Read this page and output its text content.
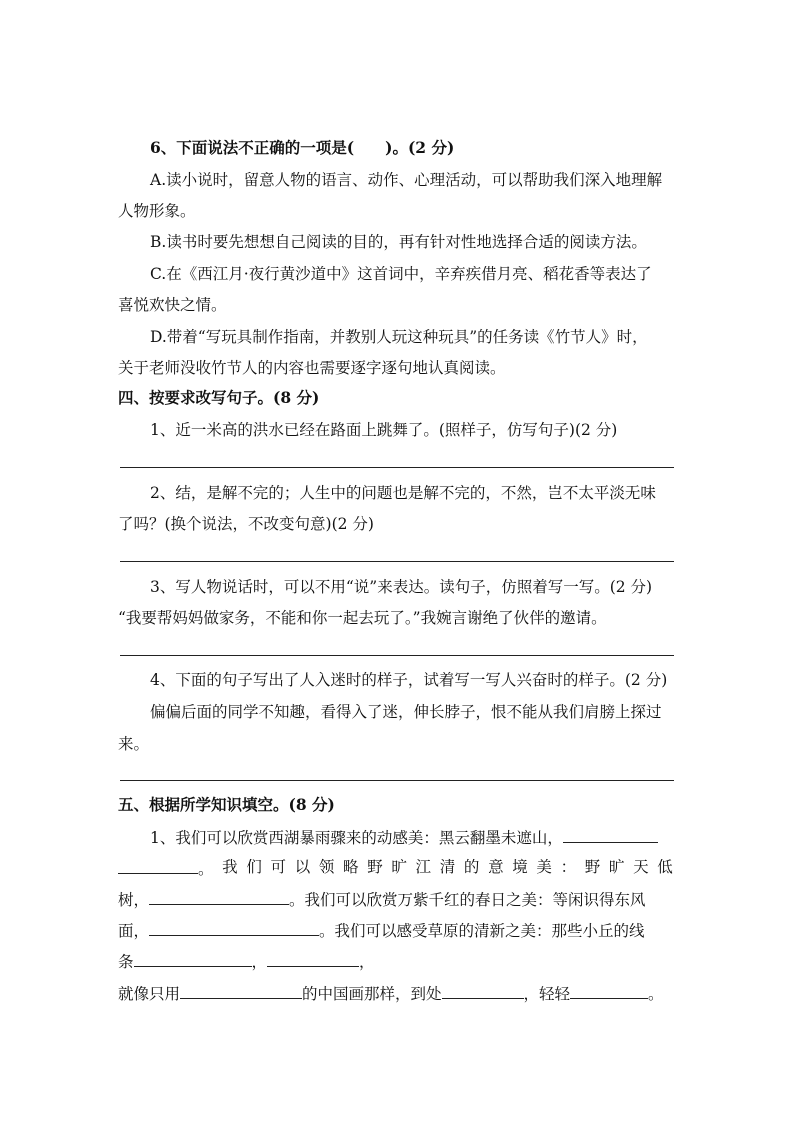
6、下面说法不正确的一项是(　　)。(2 分)
A.读小说时，留意人物的语言、动作、心理活动，可以帮助我们深入地理解
人物形象。
B.读书时要先想想自己阅读的目的，再有针对性地选择合适的阅读方法。
C.在《西江月·夜行黄沙道中》这首词中，辛弃疾借月亮、稻花香等表达了
喜悦欢快之情。
D.带着“写玩具制作指南，并教别人玩这种玩具”的任务读《竹节人》时，
关于老师没收竹节人的内容也需要逐字逐句地认真阅读。
四、按要求改写句子。(8 分)
1、近一米高的洪水已经在路面上跳舞了。(照样子，仿写句子)(2 分)
2、结，是解不完的；人生中的问题也是解不完的，不然，岂不太平淡无味
了吗？(换个说法，不改变句意)(2 分)
3、写人物说话时，可以不用“说”来表达。读句子，仿照着写一写。(2 分)
“我要帮妈妈做家务，不能和你一起去玩了。”我婉言谢绝了伙伴的邀请。
4、下面的句子写出了人入迷时的样子，试着写一写人兴奋时的样子。(2 分)
偏偏后面的同学不知趣，看得入了迷，伸长脖子，恨不能从我们肩膀上探过
来。
五、根据所学知识填空。(8 分)
1、我们可以欣赏西湖暴雨骤来的动感美：黑云翻墨未遮山，
。 我 们 可 以 领 略 野 旷 江 清 的 意 境 美 ： 野 旷 天 低
树，	。我们可以欣赏万紫千红的春日之美：等闲识得东风
面，	。我们可以感受草原的清新之美：那些小丘的线
条	，	，
就像只用	的中国画那样，到处	，轻轻	。
